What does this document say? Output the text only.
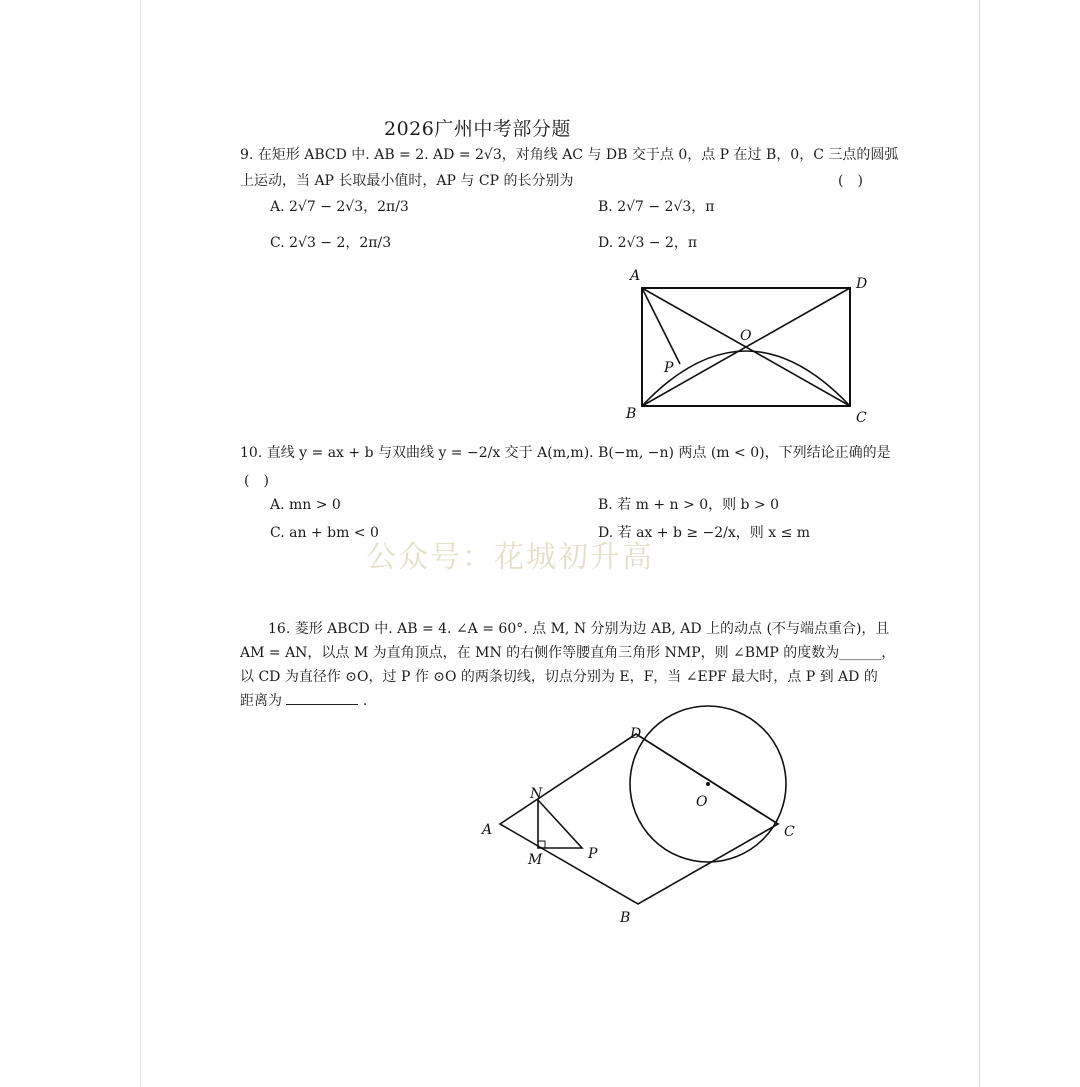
2026广州中考部分题
9. 在矩形 ABCD 中. AB = 2. AD = 2√3，对角线 AC 与 DB 交于点 0，点 P 在过 B，0，C 三点的圆弧
上运动，当 AP 长取最小值时，AP 与 CP 的长分别为	(　)
A. 2√7 − 2√3，2π/3	B. 2√7 − 2√3，π
C. 2√3 − 2，2π/3	D. 2√3 − 2，π
A	D
B	C
O
P
10. 直线 y = ax + b 与双曲线 y = −2/x 交于 A(m,m). B(−m, −n) 两点 (m < 0)，下列结论正确的是
(　)
A. mn > 0	B. 若 m + n > 0，则 b > 0
C. an + bm < 0	D. 若 ax + b ≥ −2/x，则 x ≤ m
公众号：花城初升高
16. 菱形 ABCD 中. AB = 4. ∠A = 60°. 点 M, N 分别为边 AB, AD 上的动点 (不与端点重合)，且
AM = AN，以点 M 为直角顶点，在 MN 的右侧作等腰直角三角形 NMP，则 ∠BMP 的度数为______，
以 CD 为直径作 ⊙O，过 P 作 ⊙O 的两条切线，切点分别为 E，F，当 ∠EPF 最大时，点 P 到 AD 的
距离为	.
A
B
C
D
O
N
M	P
